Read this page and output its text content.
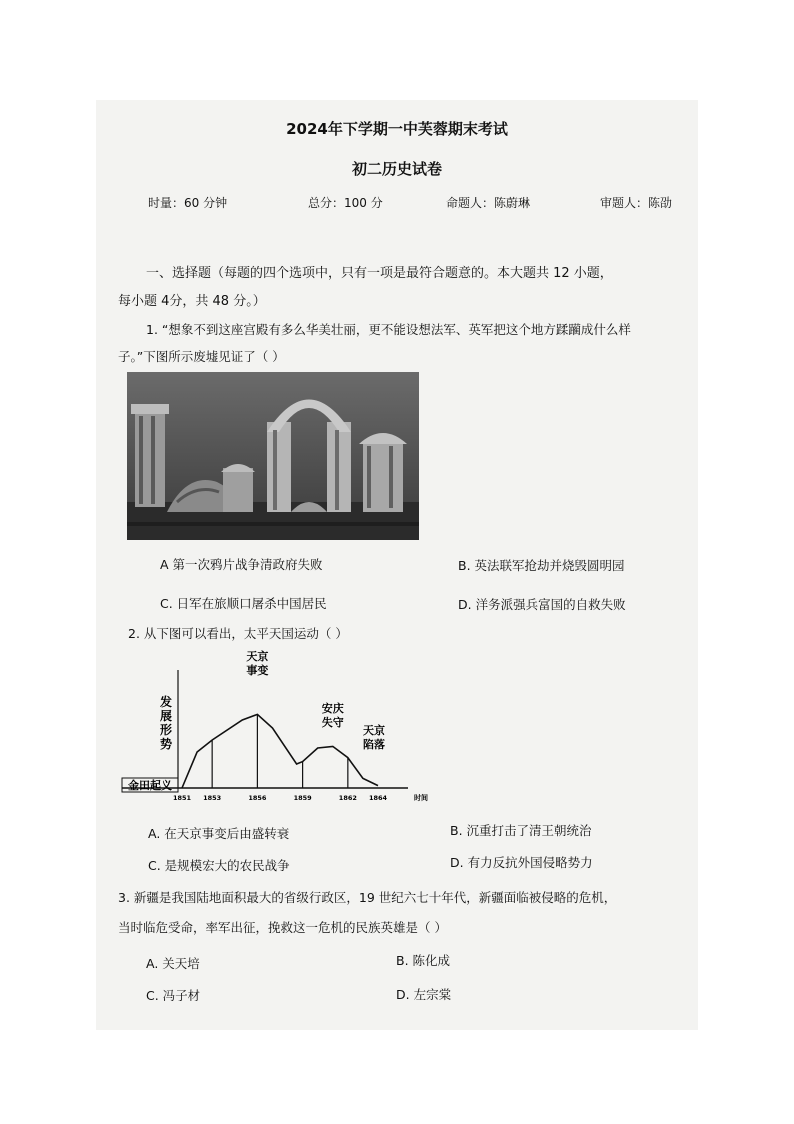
2024年下学期一中芙蓉期末考试
初二历史试卷
时量：60 分钟	总分：100 分	命题人：陈蔚琳	审题人：陈劭
一、选择题（每题的四个选项中，只有一项是最符合题意的。本大题共 12 小题，
每小题 4分，共 48 分。）
1. “想象不到这座宫殿有多么华美壮丽，更不能设想法军、英军把这个地方蹂躏成什么样
子。”下图所示废墟见证了（ ）
A 第一次鸦片战争清政府失败	B. 英法联军抢劫并烧毁圆明园
C. 日军在旅顺口屠杀中国居民	D. 洋务派强兵富国的自救失败
2. 从下图可以看出，太平天国运动（ ）
1851 1853	1856	1859	1862 1864	时间
发
展
形
势
金田起义
天京
事变
安庆
失守
天京
陷落
A. 在天京事变后由盛转衰	B. 沉重打击了清王朝统治
C. 是规模宏大的农民战争	D. 有力反抗外国侵略势力
3. 新疆是我国陆地面积最大的省级行政区，19 世纪六七十年代，新疆面临被侵略的危机，
当时临危受命，率军出征，挽救这一危机的民族英雄是（ ）
A. 关天培	B. 陈化成
C. 冯子材	D. 左宗棠
